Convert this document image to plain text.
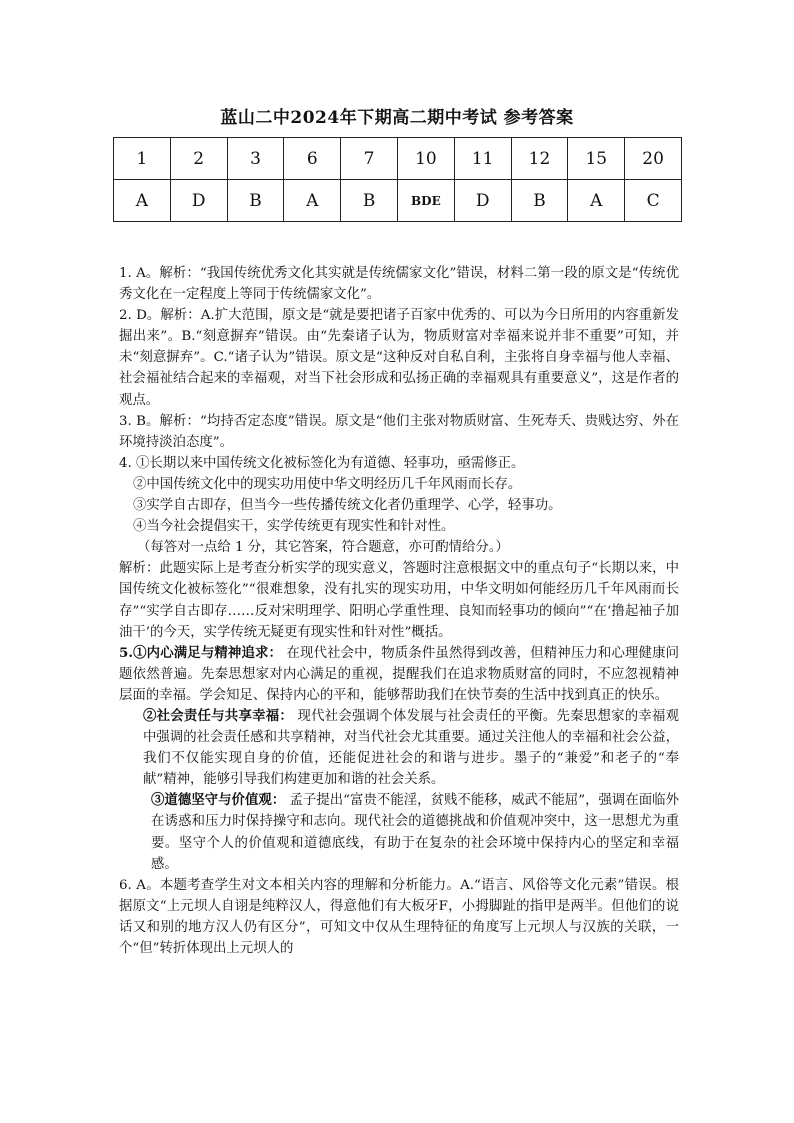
蓝山二中2024年下期高二期中考试 参考答案
1	2	3	6	7	10	11	12	15	20
A	D	B	A	B	BDE	D	B	A	C

1. A。解析：“我国传统优秀文化其实就是传统儒家文化”错误，材料二第一段的原文是“传统优秀文化在一定程度上等同于传统儒家文化”。

2. D。解析：A.扩大范围，原文是“就是要把诸子百家中优秀的、可以为今日所用的内容重新发掘出来”。B.“刻意摒弃”错误。由“先秦诸子认为，物质财富对幸福来说并非不重要”可知，并未“刻意摒弃”。C.“诸子认为”错误。原文是“这种反对自私自利，主张将自身幸福与他人幸福、社会福祉结合起来的幸福观，对当下社会形成和弘扬正确的幸福观具有重要意义”，这是作者的观点。

3. B。解析：“均持否定态度”错误。原文是“他们主张对物质财富、生死寿夭、贵贱达穷、外在环境持淡泊态度”。

4. ①长期以来中国传统文化被标签化为有道德、轻事功，亟需修正。

②中国传统文化中的现实功用使中华文明经历几千年风雨而长存。

③实学自古即存，但当今一些传播传统文化者仍重理学、心学，轻事功。

④当今社会提倡实干，实学传统更有现实性和针对性。

（每答对一点给 1 分，其它答案，符合题意，亦可酌情给分。）

解析：此题实际上是考查分析实学的现实意义，答题时注意根据文中的重点句子“长期以来，中国传统文化被标签化”“很难想象，没有扎实的现实功用，中华文明如何能经历几千年风雨而长存”“实学自古即存……反对宋明理学、阳明心学重性理、良知而轻事功的倾向”“在‘撸起袖子加油干’的今天，实学传统无疑更有现实性和针对性”概括。

5.①内心满足与精神追求： 在现代社会中，物质条件虽然得到改善，但精神压力和心理健康问题依然普遍。先秦思想家对内心满足的重视，提醒我们在追求物质财富的同时，不应忽视精神层面的幸福。学会知足、保持内心的平和，能够帮助我们在快节奏的生活中找到真正的快乐。

②社会责任与共享幸福： 现代社会强调个体发展与社会责任的平衡。先秦思想家的幸福观中强调的社会责任感和共享精神，对当代社会尤其重要。通过关注他人的幸福和社会公益，我们不仅能实现自身的价值，还能促进社会的和谐与进步。墨子的“兼爱”和老子的“奉献”精神，能够引导我们构建更加和谐的社会关系。

③道德坚守与价值观： 孟子提出“富贵不能淫，贫贱不能移，威武不能屈”，强调在面临外在诱惑和压力时保持操守和志向。现代社会的道德挑战和价值观冲突中，这一思想尤为重要。坚守个人的价值观和道德底线，有助于在复杂的社会环境中保持内心的坚定和幸福感。

6. A。本题考查学生对文本相关内容的理解和分析能力。A.“语言、风俗等文化元素”错误。根据原文“上元坝人自诩是纯粹汉人，得意他们有大板牙F，小拇脚趾的指甲是两半。但他们的说话又和别的地方汉人仍有区分”，可知文中仅从生理特征的角度写上元坝人与汉族的关联，一个“但”转折体现出上元坝人的
